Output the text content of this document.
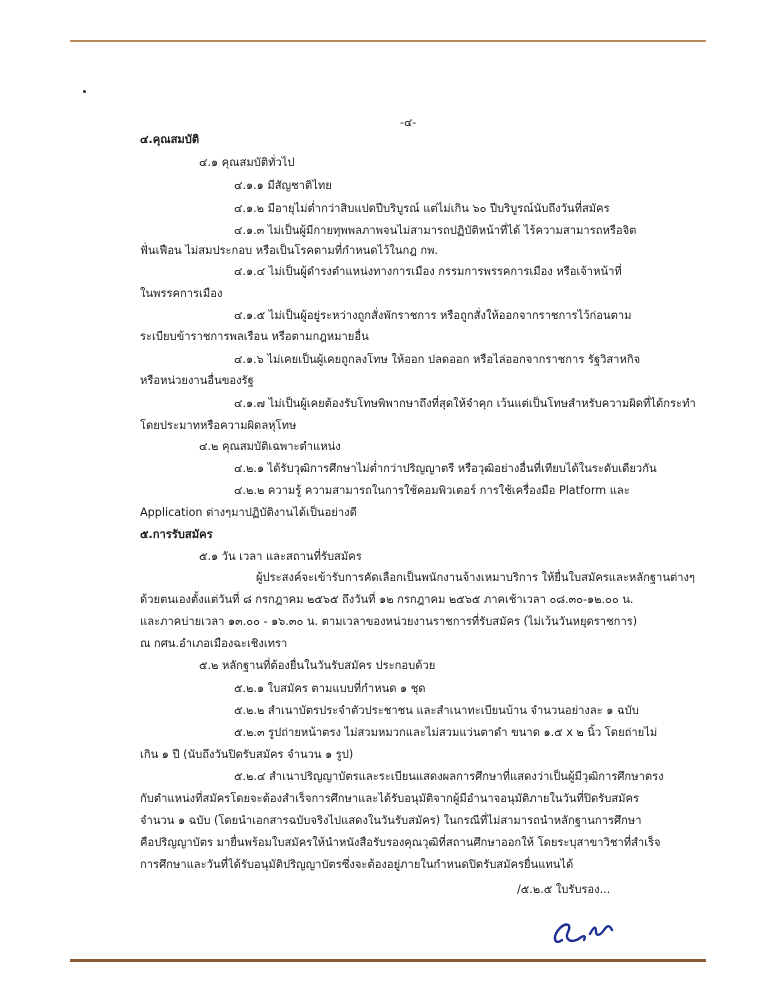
-๔-
๔.คุณสมบัติ
๔.๑ คุณสมบัติทั่วไป
๔.๑.๑ มีสัญชาติไทย
๔.๑.๒ มีอายุไม่ต่ำกว่าสิบแปดปีบริบูรณ์ แต่ไม่เกิน ๖๐ ปีบริบูรณ์นับถึงวันที่สมัคร
๔.๑.๓ ไม่เป็นผู้มีกายทุพพลภาพจนไม่สามารถปฏิบัติหน้าที่ได้ ไร้ความสามารถหรือจิต
ฟั่นเฟือน ไม่สมประกอบ หรือเป็นโรคตามที่กำหนดไว้ในกฎ กพ.
๔.๑.๔ ไม่เป็นผู้ดำรงตำแหน่งทางการเมือง กรรมการพรรคการเมือง หรือเจ้าหน้าที่
ในพรรคการเมือง
๔.๑.๕ ไม่เป็นผู้อยู่ระหว่างถูกสั่งพักราชการ หรือถูกสั่งให้ออกจากราชการไว้ก่อนตาม
ระเบียบข้าราชการพลเรือน หรือตามกฎหมายอื่น
๔.๑.๖ ไม่เคยเป็นผู้เคยถูกลงโทษ ให้ออก ปลดออก หรือไล่ออกจากราชการ รัฐวิสาหกิจ
หรือหน่วยงานอื่นของรัฐ
๔.๑.๗ ไม่เป็นผู้เคยต้องรับโทษพิพากษาถึงที่สุดให้จำคุก เว้นแต่เป็นโทษสำหรับความผิดที่ได้กระทำ
โดยประมาทหรือความผิดลหุโทษ
๔.๒ คุณสมบัติเฉพาะตำแหน่ง
๔.๒.๑ ได้รับวุฒิการศึกษาไม่ต่ำกว่าปริญญาตรี หรือวุฒิอย่างอื่นที่เทียบได้ในระดับเดียวกัน
๔.๒.๒ ความรู้ ความสามารถในการใช้คอมพิวเตอร์ การใช้เครื่องมือ Platform และ
Application ต่างๆมาปฏิบัติงานได้เป็นอย่างดี
๕.การรับสมัคร
๕.๑ วัน เวลา และสถานที่รับสมัคร
ผู้ประสงค์จะเข้ารับการคัดเลือกเป็นพนักงานจ้างเหมาบริการ ให้ยื่นใบสมัครและหลักฐานต่างๆ
ด้วยตนเองตั้งแต่วันที่ ๘ กรกฎาคม ๒๕๖๕ ถึงวันที่ ๑๒ กรกฎาคม ๒๕๖๕ ภาคเช้าเวลา ๐๘.๓๐-๑๒.๐๐ น.
และภาคบ่ายเวลา ๑๓.๐๐ - ๑๖.๓๐ น. ตามเวลาของหน่วยงานราชการที่รับสมัคร (ไม่เว้นวันหยุดราชการ)
ณ กศน.อำเภอเมืองฉะเชิงเทรา
๕.๒ หลักฐานที่ต้องยื่นในวันรับสมัคร ประกอบด้วย
๕.๒.๑ ใบสมัคร ตามแบบที่กำหนด ๑ ชุด
๕.๒.๒ สำเนาบัตรประจำตัวประชาชน และสำเนาทะเบียนบ้าน จำนวนอย่างละ ๑ ฉบับ
๕.๒.๓ รูปถ่ายหน้าตรง ไม่สวมหมวกและไม่สวมแว่นตาดำ ขนาด ๑.๕ x ๒ นิ้ว โดยถ่ายไม่
เกิน ๑ ปี (นับถึงวันปิดรับสมัคร จำนวน ๑ รูป)
๕.๒.๔ สำเนาปริญญาบัตรและระเบียนแสดงผลการศึกษาที่แสดงว่าเป็นผู้มีวุฒิการศึกษาตรง
กับตำแหน่งที่สมัครโดยจะต้องสำเร็จการศึกษาและได้รับอนุมัติจากผู้มีอำนาจอนุมัติภายในวันที่ปิดรับสมัคร
จำนวน ๑ ฉบับ (โดยนำเอกสารฉบับจริงไปแสดงในวันรับสมัคร) ในกรณีที่ไม่สามารถนำหลักฐานการศึกษา
คือปริญญาบัตร มายื่นพร้อมใบสมัครให้นำหนังสือรับรองคุณวุฒิที่สถานศึกษาออกให้ โดยระบุสาขาวิชาที่สำเร็จ
การศึกษาและวันที่ได้รับอนุมัติปริญญาบัตรซึ่งจะต้องอยู่ภายในกำหนดปิดรับสมัครยื่นแทนได้
/๕.๒.๕ ใบรับรอง...
